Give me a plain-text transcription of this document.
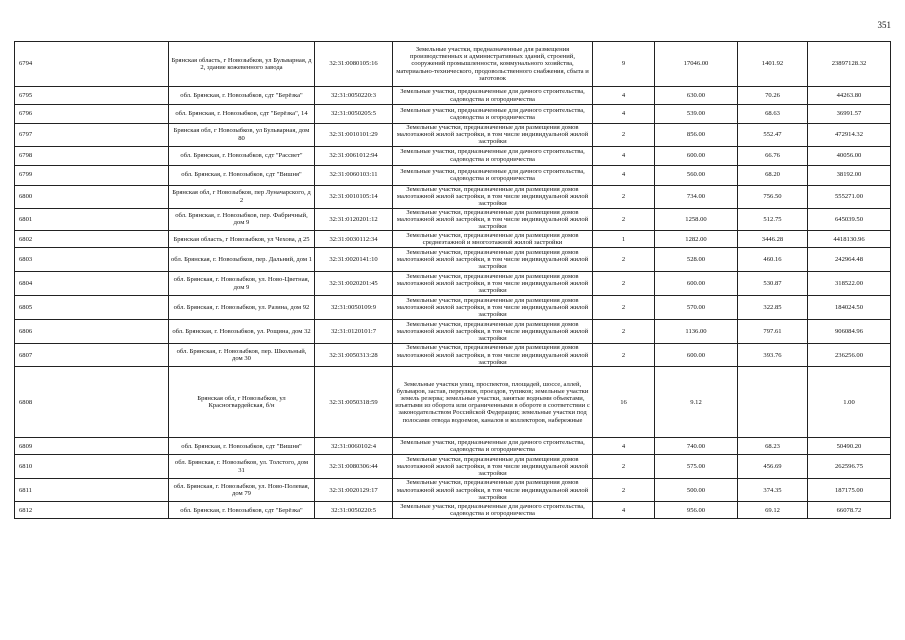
351
6794	Брянская область, г Новозыбков, ул Бульварная, д 2, здание кожевенного завода	32:31:0080105:16	Земельные участки, предназначенные для размещения производственных и административных зданий, строений, сооружений промышленности, коммунального хозяйства, материально-технического, продовольственного снабжения, сбыта и заготовок	9	17046.00	1401.92	23897128.32
6795	обл. Брянская, г. Новозыбков, сдт "Берёзка"	32:31:0050220:3	Земельные участки, предназначенные для дачного строительства, садоводства и огородничества	4	630.00	70.26	44263.80
6796	обл. Брянская, г. Новозыбков, сдт "Берёзка", 14	32:31:0050205:5	Земельные участки, предназначенные для дачного строительства, садоводства и огородничества	4	539.00	68.63	36991.57
6797	Брянская обл, г Новозыбков, ул Бульварная, дом 80	32:31:0010101:29	Земельные участки, предназначенные для размещения домов малоэтажной жилой застройки, в том числе индивидуальной жилой застройки	2	856.00	552.47	472914.32
6798	обл. Брянская, г. Новозыбков, сдт "Рассвет"	32:31:0061012:94	Земельные участки, предназначенные для дачного строительства, садоводства и огородничества	4	600.00	66.76	40056.00
6799	обл. Брянская, г. Новозыбков, сдт "Вишня"	32:31:0060103:11	Земельные участки, предназначенные для дачного строительства, садоводства и огородничества	4	560.00	68.20	38192.00
6800	Брянская обл, г Новозыбков, пер Луначарского, д 2	32:31:0010105:14	Земельные участки, предназначенные для размещения домов малоэтажной жилой застройки, в том числе индивидуальной жилой застройки	2	734.00	756.50	555271.00
6801	обл. Брянская, г. Новозыбков, пер. Фабричный, дом 9	32:31:0120201:12	Земельные участки, предназначенные для размещения домов малоэтажной жилой застройки, в том числе индивидуальной жилой застройки	2	1258.00	512.75	645039.50
6802	Брянская область, г Новозыбков, ул Чехова, д 25	32:31:0030112:34	Земельные участки, предназначенные для размещения домов среднеэтажной и многоэтажной жилой застройки	1	1282.00	3446.28	4418130.96
6803	обл. Брянская, г. Новозыбков, пер. Дальний, дом 1	32:31:0020141:10	Земельные участки, предназначенные для размещения домов малоэтажной жилой застройки, в том числе индивидуальной жилой застройки	2	528.00	460.16	242964.48
6804	обл. Брянская, г. Новозыбков, ул. Ново-Цветная, дом 9	32:31:0020201:45	Земельные участки, предназначенные для размещения домов малоэтажной жилой застройки, в том числе индивидуальной жилой застройки	2	600.00	530.87	318522.00
6805	обл. Брянская, г. Новозыбков, ул. Разина, дом 92	32:31:0050109:9	Земельные участки, предназначенные для размещения домов малоэтажной жилой застройки, в том числе индивидуальной жилой застройки	2	570.00	322.85	184024.50
6806	обл. Брянская, г. Новозыбков, ул. Рощина, дом 32	32:31:0120101:7	Земельные участки, предназначенные для размещения домов малоэтажной жилой застройки, в том числе индивидуальной жилой застройки	2	1136.00	797.61	906084.96
6807	обл. Брянская, г. Новозыбков, пер. Школьный, дом 30	32:31:0050313:28	Земельные участки, предназначенные для размещения домов малоэтажной жилой застройки, в том числе индивидуальной жилой застройки	2	600.00	393.76	236256.00
6808	Брянская обл, г Новозыбков, ул Красногвардейская, б/н	32:31:0050318:59	Земельные участки улиц, проспектов, площадей, шоссе, аллей, бульваров, застав, переулков, проездов, тупиков; земельные участки земель резерва; земельные участки, занятые водными объектами, изъятыми из оборота или ограниченными в обороте в соответствии с законодательством Российской Федерации; земельные участки под полосами отвода водоемов, каналов и коллекторов, набережные	16	9.12		1.00
6809	обл. Брянская, г. Новозыбков, сдт "Вишня"	32:31:0060102:4	Земельные участки, предназначенные для дачного строительства, садоводства и огородничества	4	740.00	68.23	50490.20
6810	обл. Брянская, г. Новозыбков, ул. Толстого, дом 31	32:31:0080306:44	Земельные участки, предназначенные для размещения домов малоэтажной жилой застройки, в том числе индивидуальной жилой застройки	2	575.00	456.69	262596.75
6811	обл. Брянская, г. Новозыбков, ул. Ново-Полевая, дом 79	32:31:0020129:17	Земельные участки, предназначенные для размещения домов малоэтажной жилой застройки, в том числе индивидуальной жилой застройки	2	500.00	374.35	187175.00
6812	обл. Брянская, г. Новозыбков, сдт "Берёзка"	32:31:0050220:5	Земельные участки, предназначенные для дачного строительства, садоводства и огородничества	4	956.00	69.12	66078.72
